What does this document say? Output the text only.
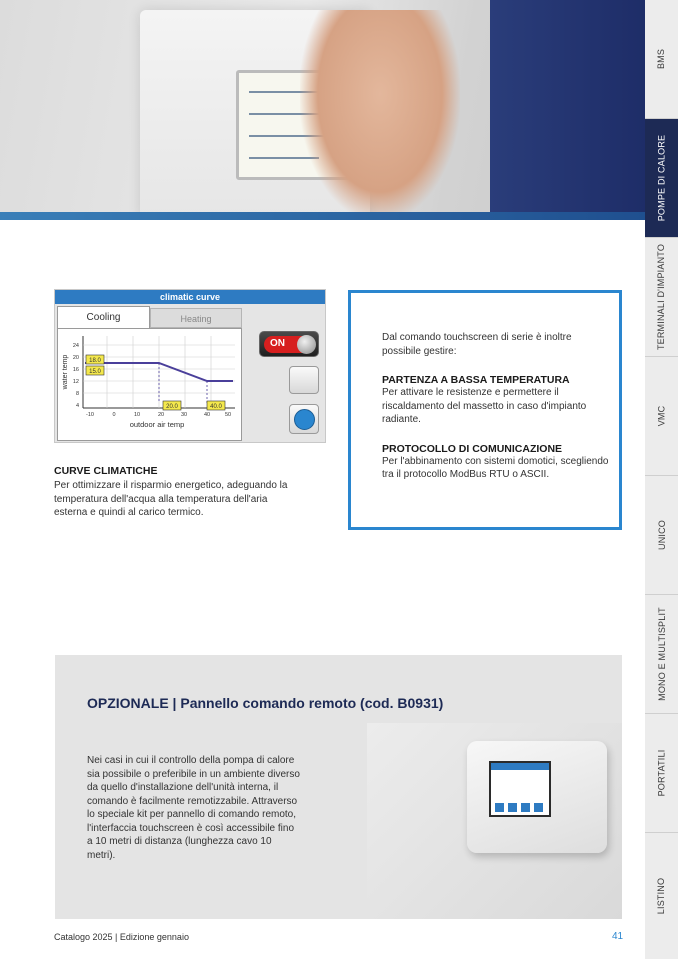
BMS
POMPE DI CALORE
TERMINALI D'IMPIANTO
VMC
UNICO
MONO E MULTISPLIT
PORTATILI
LISTINO
climatic curve
Cooling	Heating
24
20
16
12
8
4
-10	0	10	20	30	40	50
18.0
15.0
20.0	40.0
water temp
outdoor air temp
ON
CURVE CLIMATICHE
Per ottimizzare il risparmio energetico, adeguando la temperatura dell'acqua alla temperatura dell'aria esterna e quindi al carico termico.
Dal comando touchscreen di serie è inoltre possibile gestire:
PARTENZA A BASSA TEMPERATURA
Per attivare le resistenze e permettere il riscaldamento del massetto in caso d'impianto radiante.
PROTOCOLLO DI COMUNICAZIONE
Per l'abbinamento con sistemi domotici, scegliendo tra il protocollo ModBus RTU o ASCII.
OPZIONALE | Pannello comando remoto (cod. B0931)
Nei casi in cui il controllo della pompa di calore sia possibile o preferibile in un ambiente diverso da quello d'installazione dell'unità interna, il comando è facilmente remotizzabile. Attraverso lo speciale kit per pannello di comando remoto, l'interfaccia touchscreen è così accessibile fino a 10 metri di distanza (lunghezza cavo 10 metri).
Catalogo 2025 | Edizione gennaio	41
